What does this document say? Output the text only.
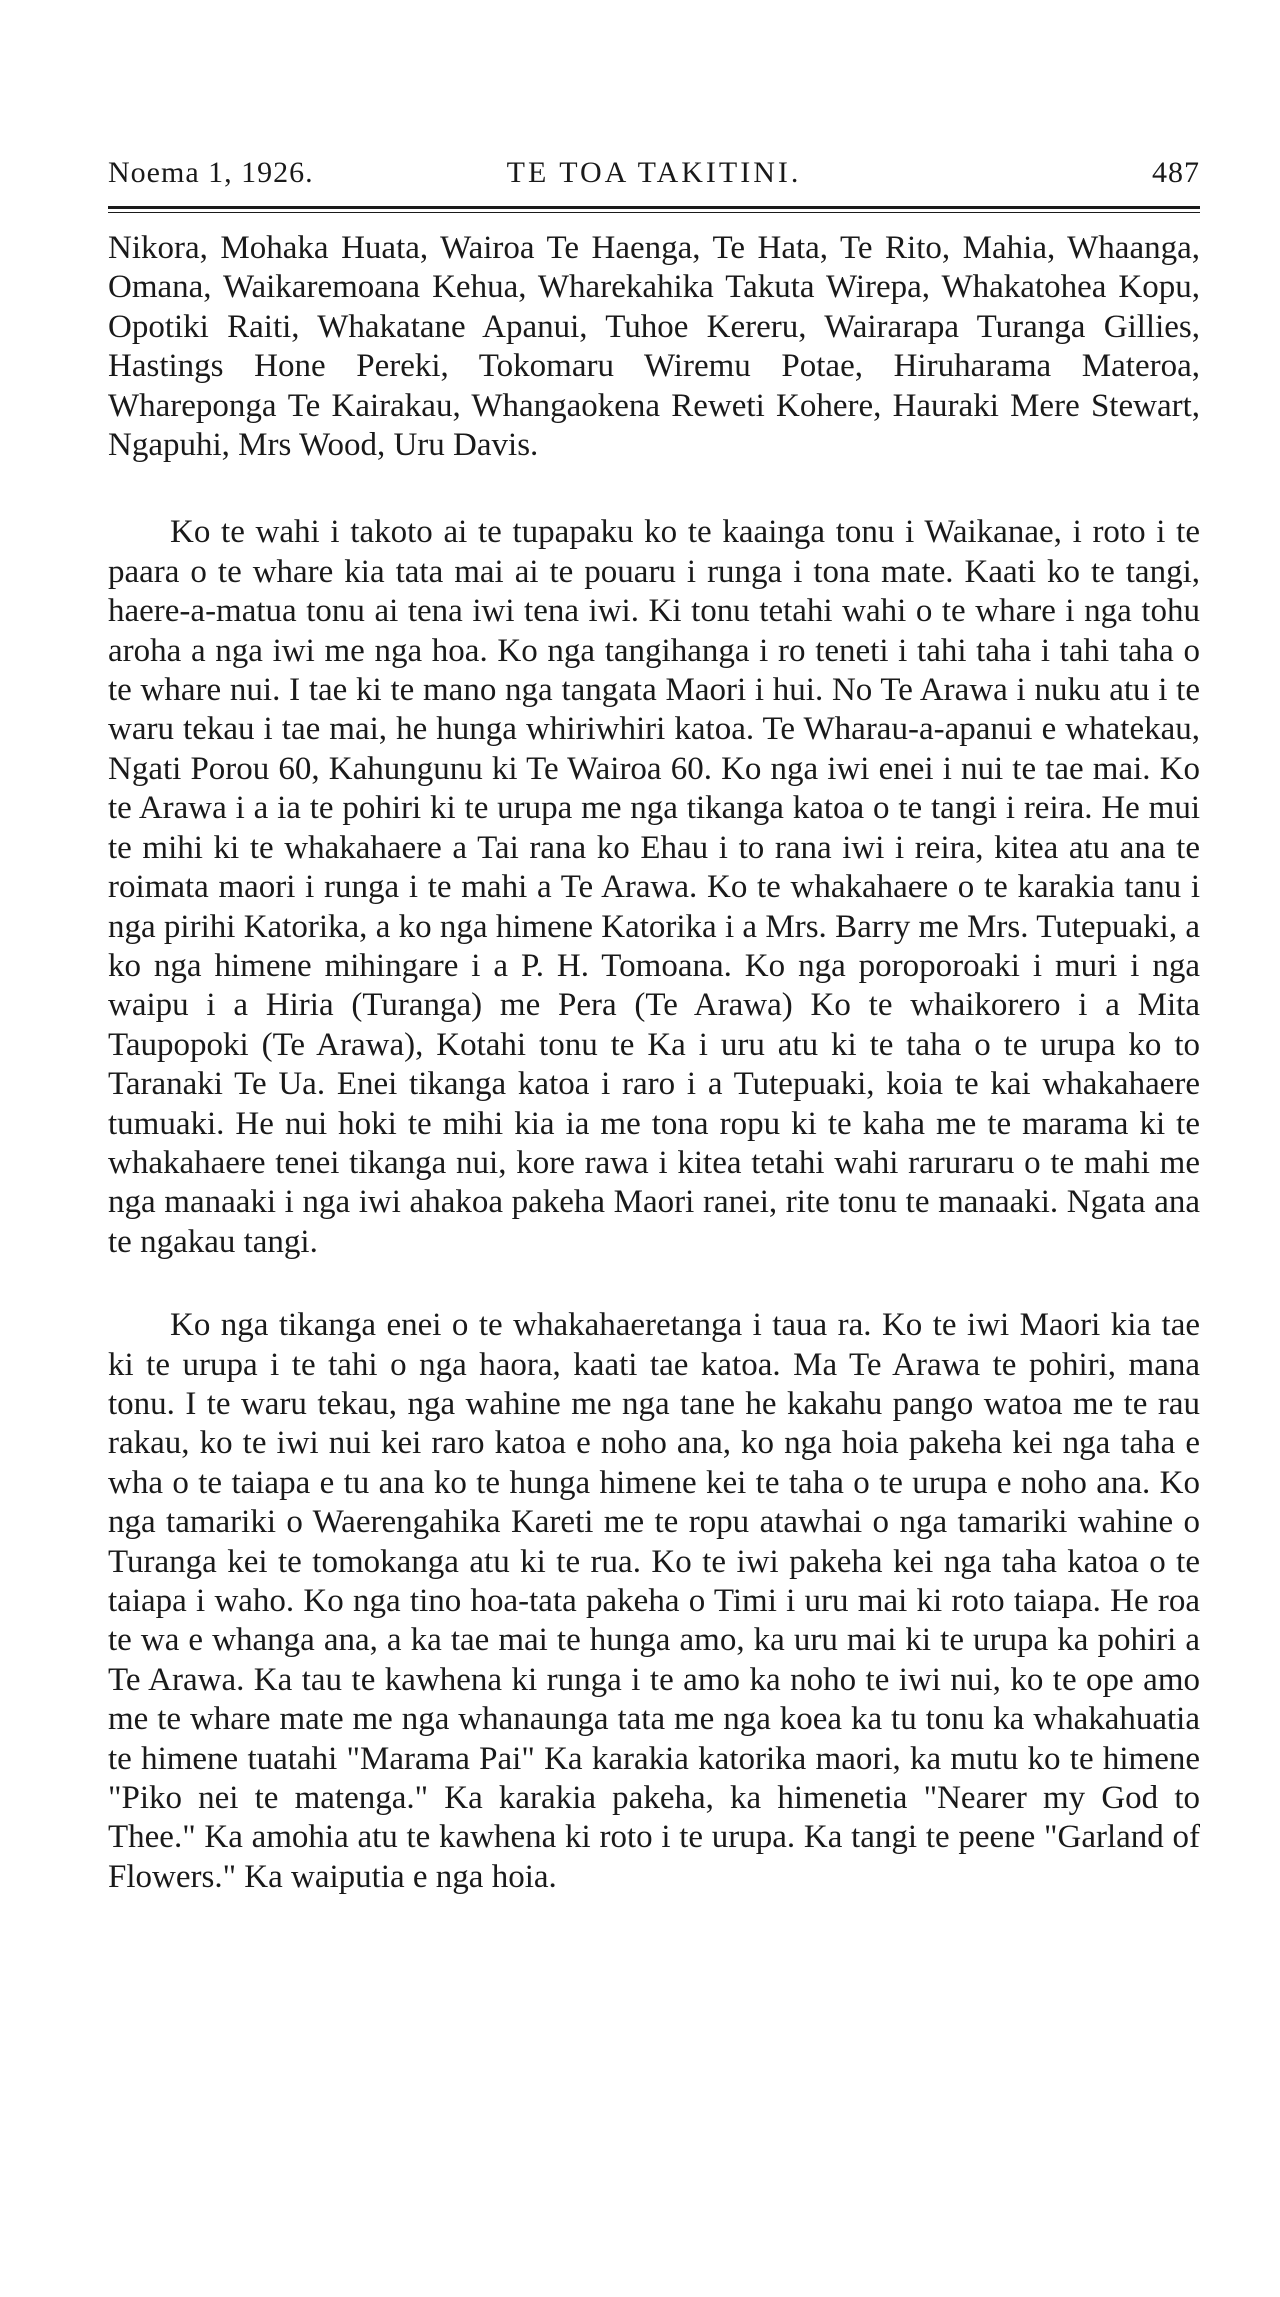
Noema 1, 1926.	TE TOA TAKITINI.	487

Nikora, Mohaka Huata, Wairoa Te Haenga, Te Hata, Te Rito, Mahia, Whaanga, Omana, Waikaremoana Kehua, Wharekahika Takuta Wirepa, Whakatohea Kopu, Opotiki Raiti, Whakatane Apanui, Tuhoe Kereru, Wairarapa Turanga Gillies, Hastings Hone Pereki, Tokomaru Wiremu Potae, Hiruharama Materoa, Wharepongа Te Kairakau, Whangaokena Reweti Kohere, Hauraki Mere Stewart, Ngapuhi, Mrs Wood, Uru Davis.

Ko te wahi i takoto ai te tupapaku ko te kaainga tonu i Waikanae, i roto i te paara o te whare kia tata mai ai te pouaru i runga i tona mate. Kaati ko te tangi, haere-a-matua tonu ai tena iwi tena iwi. Ki tonu tetahi wahi o te whare i nga tohu aroha a nga iwi me nga hoa. Ko nga tangihanga i ro teneti i tahi taha i tahi taha o te whare nui. I tae ki te mano nga tangata Maori i hui. No Te Arawa i nuku atu i te waru tekau i tae mai, he hunga whiriwhiri katoa. Te Wharau-a-apanui e whatekau, Ngati Porou 60, Kahungunu ki Te Wairoa 60. Ko nga iwi enei i nui te tae mai. Ko te Arawa i a ia te pohiri ki te urupa me nga tikanga katoa o te tangi i reira. He mui te mihi ki te whakahaere a Tai rana ko Ehau i to rana iwi i reira, kitea atu ana te roimata maori i runga i te mahi a Te Arawa. Ko te whakahaere o te karakia tanu i nga pirihi Katorika, a ko nga himene Katorika i a Mrs. Barry me Mrs. Tutepuaki, a ko nga himene mihingare i a P. H. Tomoana. Ko nga poroporoaki i muri i nga waipu i a Hiria (Turanga) me Pera (Te Arawa) Ko te whaikorero i a Mita Taupopoki (Te Arawa), Kotahi tonu te Ka i uru atu ki te taha o te urupa ko to Taranaki Te Ua. Enei tikanga katoa i raro i a Tutepuaki, koia te kai whakahaere tumuaki. He nui hoki te mihi kia ia me tona ropu ki te kaha me te marama ki te whakahaere tenei tikanga nui, kore rawa i kitea tetahi wahi raruraru o te mahi me nga manaaki i nga iwi ahakoa pakeha Maori ranei, rite tonu te manaaki. Ngata ana te ngakau tangi.

Ko nga tikanga enei o te whakahaeretanga i taua ra. Ko te iwi Maori kia tae ki te urupa i te tahi o nga haora, kaati tae katoa. Ma Te Arawa te pohiri, mana tonu. I te waru tekau, nga wahine me nga tane he kakahu pango watoa me te rau rakau, ko te iwi nui kei raro katoa e noho ana, ko nga hoia pakeha kei nga taha e wha o te taiapa e tu ana ko te hunga himene kei te taha o te urupa e noho ana. Ko nga tamariki o Waerengahika Kareti me te ropu atawhai o nga tamariki wahine o Turanga kei te tomokanga atu ki te rua. Ko te iwi pakeha kei nga taha katoa o te taiapa i waho. Ko nga tino hoa-tata pakeha o Timi i uru mai ki roto taiapa. He roa te wa e whanga ana, a ka tae mai te hunga amo, ka uru mai ki te urupa ka pohiri a Te Arawa. Ka tau te kawhena ki runga i te amo ka noho te iwi nui, ko te ope amo me te whare mate me nga whanaunga tata me nga koea ka tu tonu ka whakahuatia te himene tuatahi "Marama Pai" Ka karakia katorika maori, ka mutu ko te himene "Piko nei te matenga." Ka karakia pakeha, ka himenetia "Nearer my God to Thee." Ka amohia atu te kawhena ki roto i te urupa. Ka tangi te peene "Garland of Flowers." Ka waiputia e nga hoia.
